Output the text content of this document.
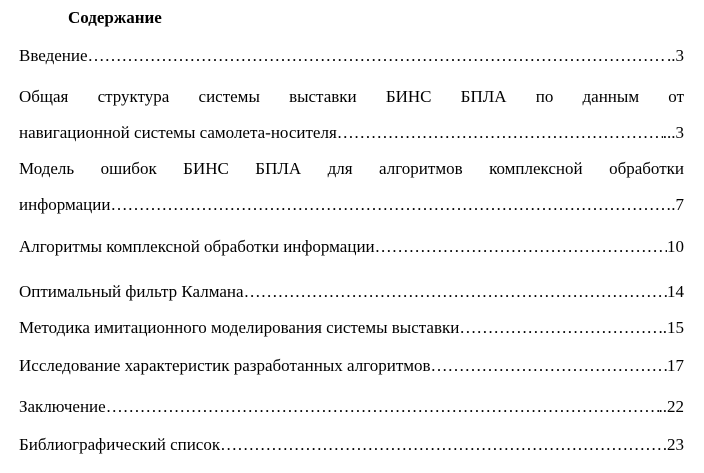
Содержание
Введение ………………………………………………………………………………………………………………………………………………………………………………………………………………	..3
Общая структура системы выставки БИНС БПЛА по данным от
навигационной системы самолета-носителя ………………………………………………………………………………………………………………………………………………………………………………………………………………	...3
Модель ошибок БИНС БПЛА для алгоритмов комплексной обработки
информации ………………………………………………………………………………………………………………………………………………………………………………………………………………	.7
Алгоритмы комплексной обработки информации ………………………………………………………………………………………………………………………………………………………………………………………………………………	10
Оптимальный фильтр Калмана ………………………………………………………………………………………………………………………………………………………………………………………………………………	14
Методика имитационного моделирования системы выставки ………………………………………………………………………………………………………………………………………………………………………………………………………………	..15
Исследование характеристик разработанных алгоритмов ………………………………………………………………………………………………………………………………………………………………………………………………………………	17
Заключение ………………………………………………………………………………………………………………………………………………………………………………………………………………	..22
Библиографический список ………………………………………………………………………………………………………………………………………………………………………………………………………………	23
